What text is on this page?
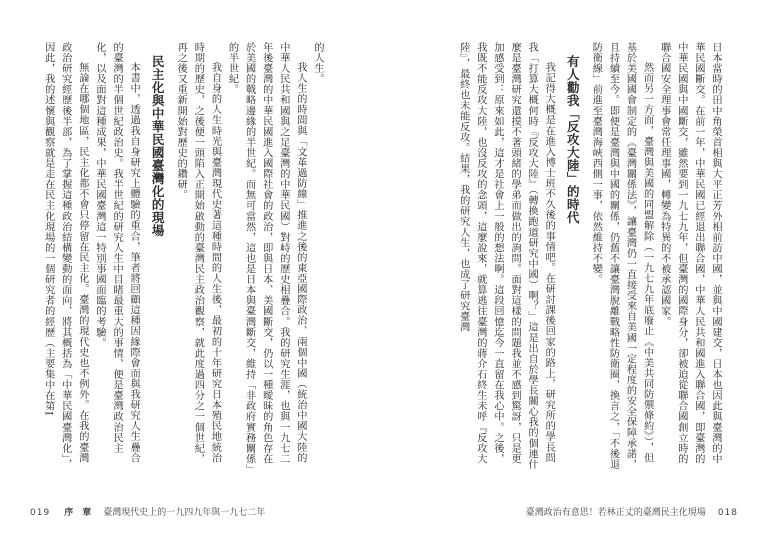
的人生。

我人生的時間與「文革過防線」推進之後的東亞國際政治、兩個中國（統治中國大陸的中華人民共和國與之足臺灣的中華民國）對峙的歷史相疊合。我的研究生涯，也與一九七二年後臺灣的中華民國進入國際社會的政治，即與日本、美國斷交，仍以一種曖昧的角色存在於美國的戰略邊緣的半世紀。而無可當然，這也是日本與臺灣斷交，維持「非政府實務關係」的半世紀。

我自身的人生時光與臺灣現代史著這種時間的人生後，最初的十年研究日本殖民地統治時期的歷史，之後便一頭陷入正開始啟動的臺灣民主政治觀察，就此度過四分之一個世紀，再之後又重新開始對歷史的鑽研。

民主化與中華民國臺灣化的現場

本書中，透過我自身研究上體驗的重合，筆者將回顧這種因緣際會而與我研究人生疊合的臺灣的半個世紀政治史。我半世紀的研究人生中目睹最重大的事情，便是臺灣政治民主化，以及面對這種成果，中華民國臺灣這一特別事國面臨的考驗。

無論在哪個地區，民主化都不會只停留在民主化。臺灣的現代史也不例外。在我的臺灣政治研究經歷後半部，為了掌握這種政治結構變動的面向，將其概括為「中華民國臺灣化」，因此，我的述懷與觀察就是走在民主化現場的一個研究者的經歷（主要集中在第I

019 序　章 臺灣現代史上的一九四九年與一九七二年

日本當時的田中角榮首相與大平正芳外相前訪中國，並與中國建交，日本也因此與臺灣的中華民國斷交。在前一年，中華民國已經退出聯合國，中華人民共和國進入聯合國，即臺灣的中華民國與中國斷交，雖然要到一九七九年，但臺灣的國際身分，卻被迫從聯合國創立時的聯合國安全理事會常任理事國，轉變為特異的不被承認國家。

然而另一方面，臺灣與美國的同盟解除（一九七九年底廢止《中美共同防禦條約》），但基於美國國會制定的《臺灣關係法》，讓臺灣仍一直接受來自美國一定程度的安全保障承諾，且持續至今。即便是臺灣與中國的關係，仍舊不讓臺灣脫離戰略性防衛圈，換言之，「不後退防衛線」前進至臺灣海峽西側一事，依然維持不變。

有人勸我「反攻大陸」的時代

我記得大概是在進入博士班不久後的事情吧。在研討課後回家的路上，研究所的學長問我「打算大概何時『反攻大陸』（轉換跑道研究中國）啊？」這是出自於學長關心我的個連什麼是臺灣研究還摸不著頭緒的學弟而做出的詢問。面對這樣的問題我並不感到驚訝，只是更加感受到：原來如此，這才是社會上一般的想法啊。這段回憶迄今一直留在我心中。之後，我既不能反攻大陸，也沒反攻的念頭，這麼說來，就算逃往臺灣的蔣介石終生未呼『反攻大陸』，最終也未能反攻。結果，我的研究人生，也成了研究臺灣

臺灣政治有意思！若林正丈的臺灣民主化現場 018
